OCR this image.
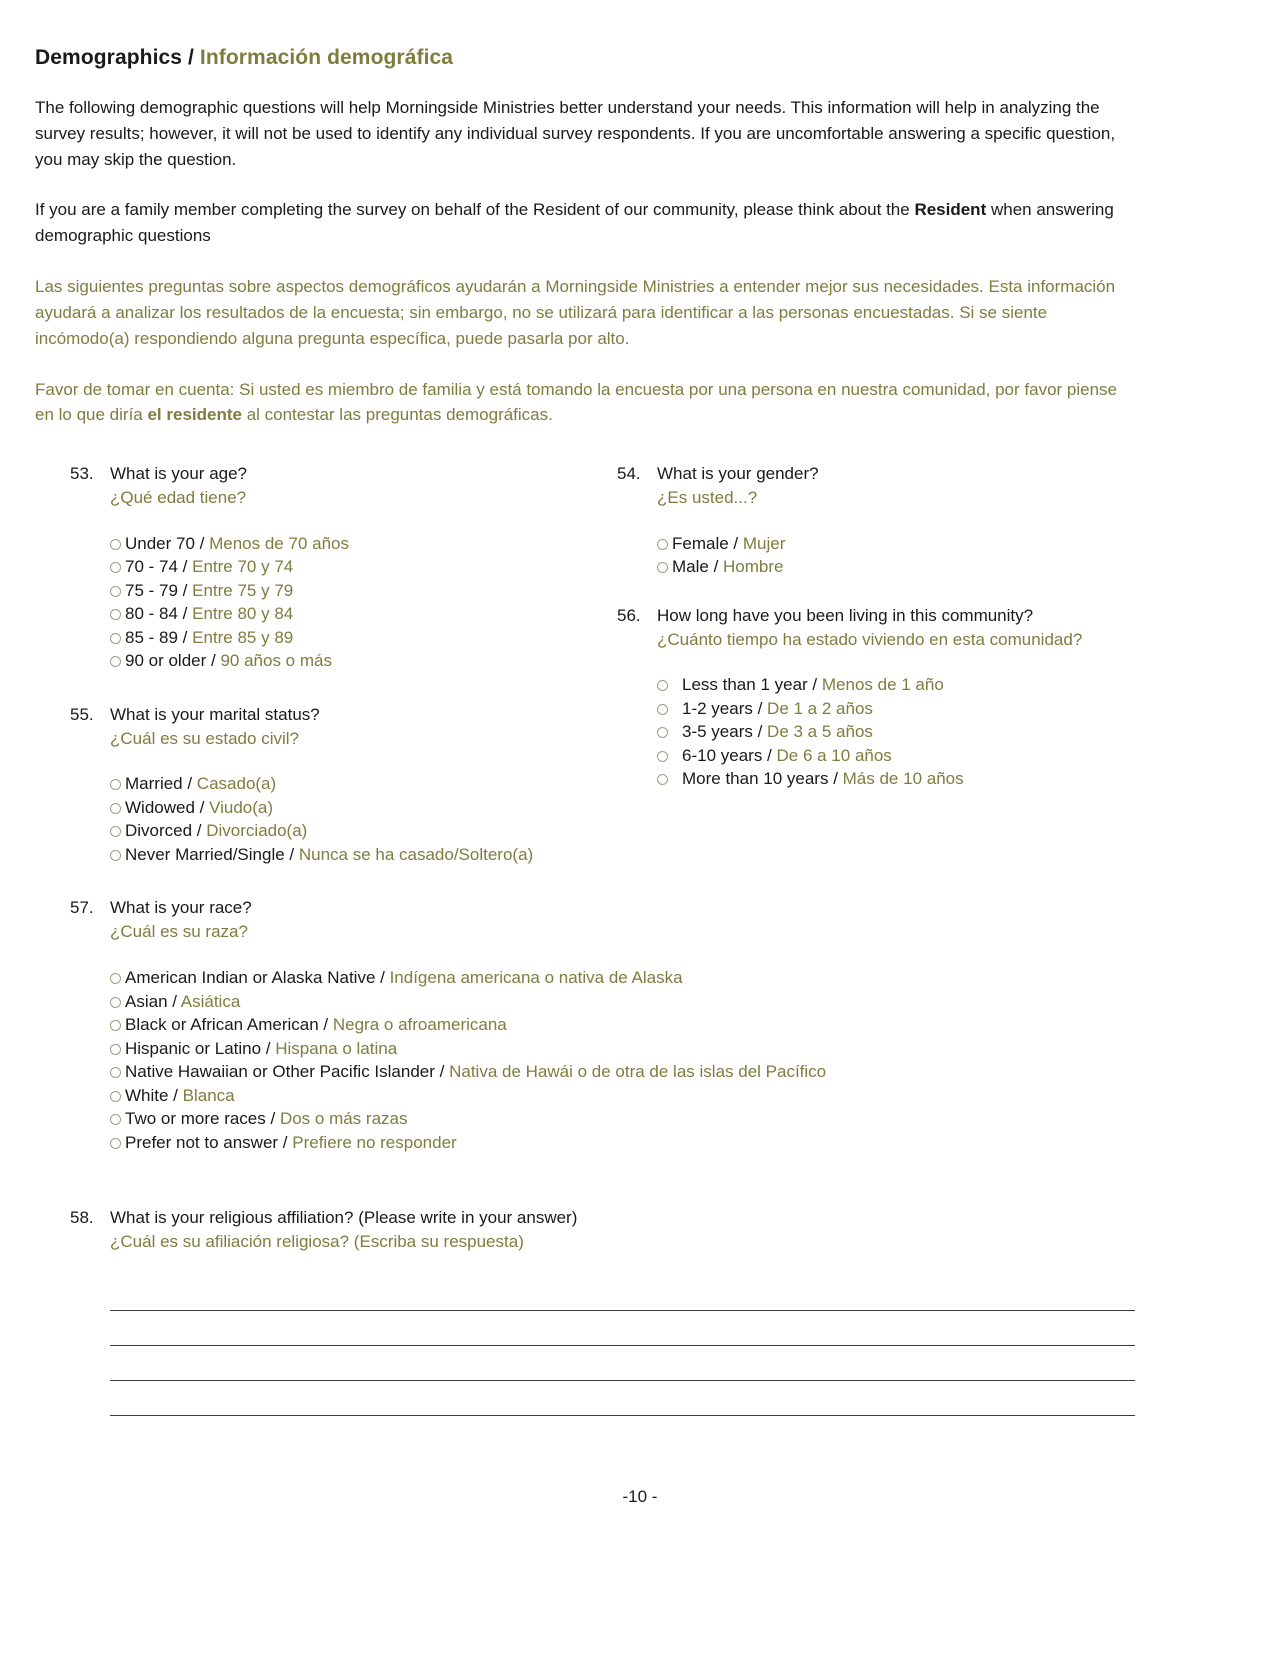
Demographics / Información demográfica

The following demographic questions will help Morningside Ministries better understand your needs. This information will help in analyzing the survey results; however, it will not be used to identify any individual survey respondents. If you are uncomfortable answering a specific question, you may skip the question.

If you are a family member completing the survey on behalf of the Resident of our community, please think about the Resident when answering demographic questions

Las siguientes preguntas sobre aspectos demográficos ayudarán a Morningside Ministries a entender mejor sus necesidades. Esta información ayudará a analizar los resultados de la encuesta; sin embargo, no se utilizará para identificar a las personas encuestadas. Si se siente incómodo(a) respondiendo alguna pregunta específica, puede pasarla por alto.

Favor de tomar en cuenta: Si usted es miembro de familia y está tomando la encuesta por una persona en nuestra comunidad, por favor piense en lo que diría el residente al contestar las preguntas demográficas.

53. What is your age?
¿Qué edad tiene?
Under 70 / Menos de 70 años
70 - 74 / Entre 70 y 74
75 - 79 / Entre 75 y 79
80 - 84 / Entre 80 y 84
85 - 89 / Entre 85 y 89
90 or older / 90 años o más
55. What is your marital status?
¿Cuál es su estado civil?
Married / Casado(a)
Widowed / Viudo(a)
Divorced / Divorciado(a)
Never Married/Single / Nunca se ha casado/Soltero(a)
57. What is your race?
¿Cuál es su raza?
American Indian or Alaska Native / Indígena americana o nativa de Alaska
Asian / Asiática
Black or African American / Negra o afroamericana
Hispanic or Latino / Hispana o latina
Native Hawaiian or Other Pacific Islander / Nativa de Hawái o de otra de las islas del Pacífico
White / Blanca
Two or more races / Dos o más razas
Prefer not to answer / Prefiere no responder
58. What is your religious affiliation? (Please write in your answer)
¿Cuál es su afiliación religiosa? (Escriba su respuesta)
54. What is your gender?
¿Es usted...?
Female / Mujer
Male / Hombre
56. How long have you been living in this community?
¿Cuánto tiempo ha estado viviendo en esta comunidad?
Less than 1 year / Menos de 1 año
1-2 years / De 1 a 2 años
3-5 years / De 3 a 5 años
6-10 years / De 6 a 10 años
More than 10 years / Más de 10 años
-10 -
